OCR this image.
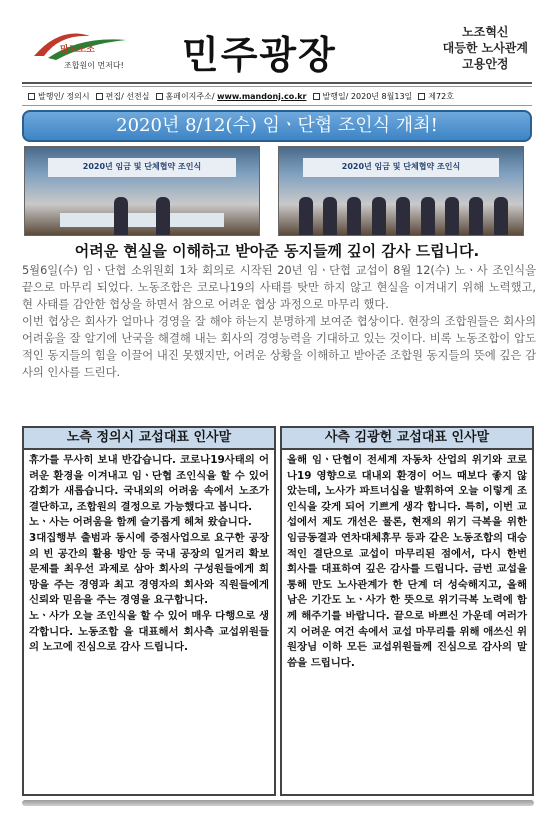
만도노조
조합원이 먼저다! 민주광장	노조혁신
대등한 노사관계
고용안정
발행인/ 정의시	편집/ 선전실	홈페이지주소/ www.mandonj.co.kr	발행일/ 2020년 8월13일	제72호
2020년 8/12(수) 임ㆍ단협 조인식 개최!
2020년 임금 및 단체협약 조인식	2020년 임금 및 단체협약 조인식
어려운 현실을 이해하고 받아준 동지들께 깊이 감사 드립니다.

5월6일(수) 임ㆍ단협 소위원회 1차 회의로 시작된 20년 임ㆍ단협 교섭이 8월 12(수) 노ㆍ사 조인식을 끝으로 마무리 되었다. 노동조합은 코로나19의 사태를 탓만 하지 않고 현실을 이겨내기 위해 노력했고, 현 사태를 감안한 협상을 하면서 참으로 어려운 협상 과정으로 마무리 했다.

이번 협상은 회사가 얼마나 경영을 잘 해야 하는지 분명하게 보여준 협상이다. 현장의 조합원들은 회사의 어려움을 잘 알기에 난국을 해결해 내는 회사의 경영능력을 기대하고 있는 것이다. 비록 노동조합이 압도적인 동지들의 힘을 이끌어 내진 못했지만, 어려운 상황을 이해하고 받아준 조합원 동지들의 뜻에 깊은 감사의 인사를 드린다.

노측 정의시 교섭대표 인사말

휴가를 무사히 보내 반갑습니다. 코로나19사태의 어려운 환경을 이겨내고 임ㆍ단협 조인식을 할 수 있어 감회가 새롭습니다. 국내외의 어려움 속에서 노조가 결단하고, 조합원의 결정으로 가능했다고 봅니다.

노ㆍ사는 어려움을 함께 슬기롭게 헤쳐 왔습니다.

3대집행부 출범과 동시에 증점사업으로 요구한 공장의 빈 공간의 활용 방안 등 국내 공장의 일거리 확보 문제를 최우선 과제로 삼아 회사의 구성원들에게 희망을 주는 경영과 최고 경영자의 회사와 직원들에게 신뢰와 믿음을 주는 경영을 요구합니다.

노ㆍ사가 오늘 조인식을 할 수 있어 매우 다행으로 생각합니다. 노동조합 을 대표해서 회사측 교섭위원들의 노고에 진심으로 감사 드립니다.

사측 김광헌 교섭대표 인사말

올해 임ㆍ단협이 전세계 자동차 산업의 위기와 코로나19 영향으로 대내외 환경이 어느 때보다 좋지 않았는데, 노사가 파트너십을 발휘하여 오늘 이렇게 조인식을 갖게 되어 기쁘게 생각 합니다. 특히, 이번 교섭에서 제도 개선은 물론, 현재의 위기 극복을 위한 임금동결과 연차대체휴무 등과 같은 노동조합의 대승적인 결단으로 교섭이 마무리된 점에서, 다시 한번 회사를 대표하여 깊은 감사를 드립니다. 금번 교섭을 통해 만도 노사관계가 한 단계 더 성숙해지고, 올해 남은 기간도 노ㆍ사가 한 뜻으로 위기극복 노력에 함께 해주기를 바랍니다. 끝으로 바쁘신 가운데 여러가지 어려운 여건 속에서 교섭 마무리를 위해 애쓰신 위원장님 이하 모든 교섭위원들께 진심으로 감사의 말씀을 드립니다.
